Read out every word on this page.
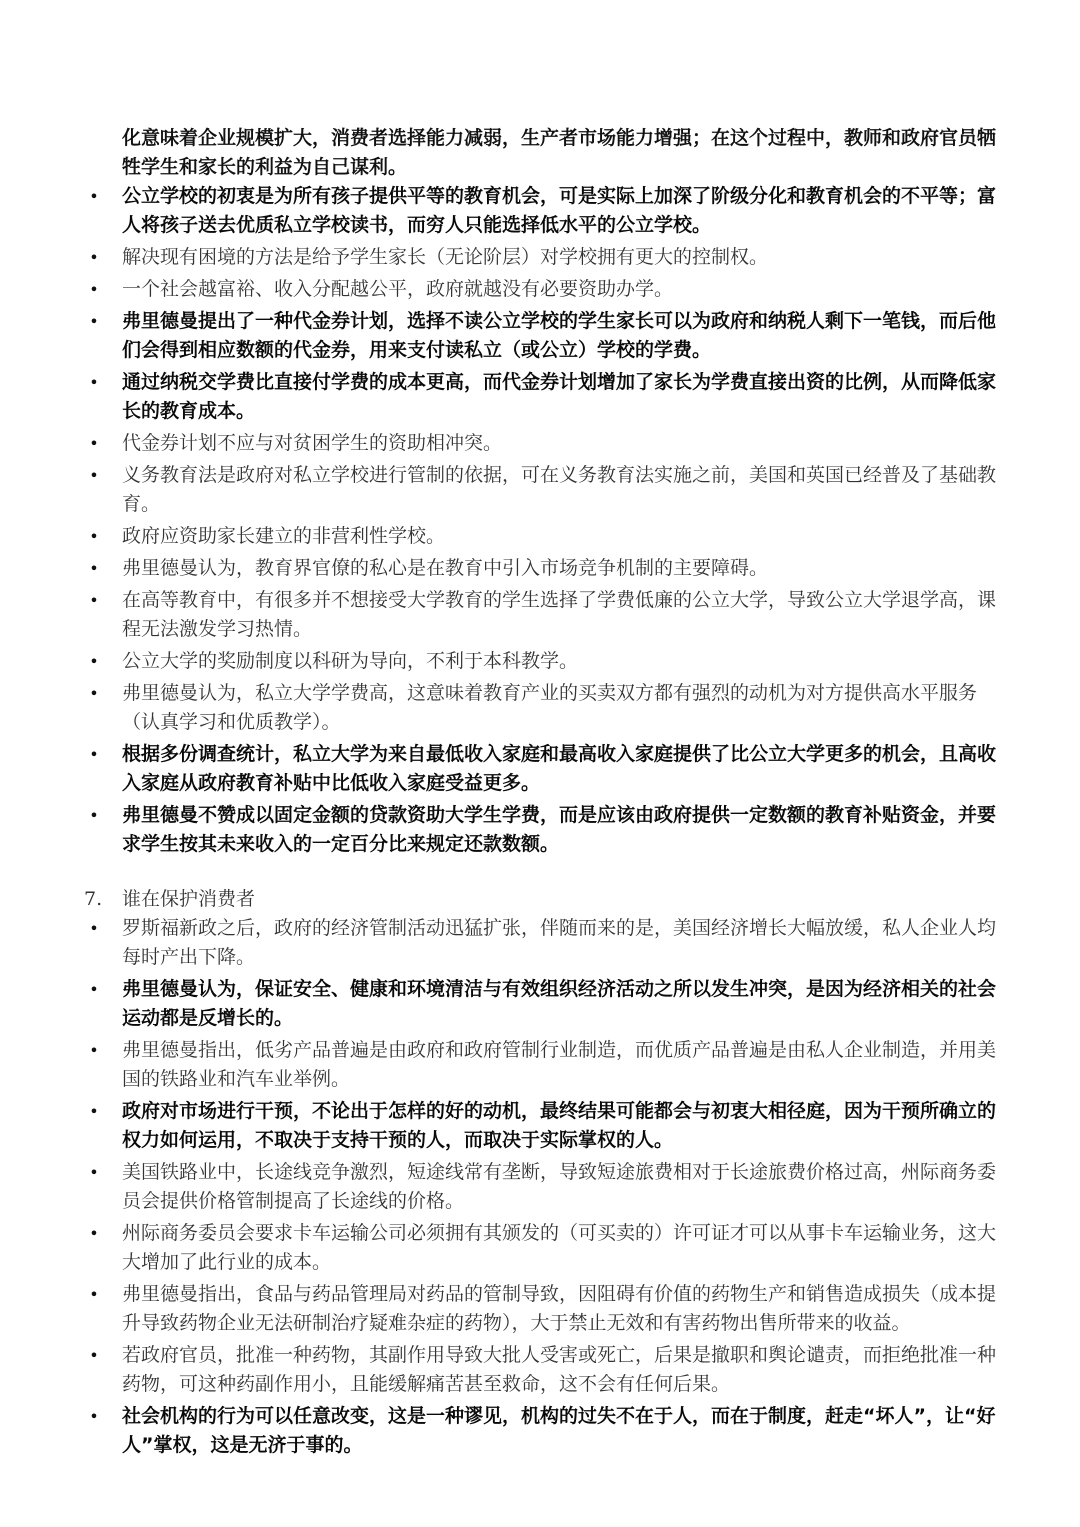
化意味着企业规模扩大，消费者选择能力减弱，生产者市场能力增强；在这个过程中，教师和政府官员牺牲学生和家长的利益为自己谋利。
• 公立学校的初衷是为所有孩子提供平等的教育机会，可是实际上加深了阶级分化和教育机会的不平等；富人将孩子送去优质私立学校读书，而穷人只能选择低水平的公立学校。
• 解决现有困境的方法是给予学生家长（无论阶层）对学校拥有更大的控制权。
• 一个社会越富裕、收入分配越公平，政府就越没有必要资助办学。
• 弗里德曼提出了一种代金券计划，选择不读公立学校的学生家长可以为政府和纳税人剩下一笔钱，而后他们会得到相应数额的代金券，用来支付读私立（或公立）学校的学费。
• 通过纳税交学费比直接付学费的成本更高，而代金券计划增加了家长为学费直接出资的比例，从而降低家长的教育成本。
• 代金券计划不应与对贫困学生的资助相冲突。
• 义务教育法是政府对私立学校进行管制的依据，可在义务教育法实施之前，美国和英国已经普及了基础教育。
• 政府应资助家长建立的非营利性学校。
• 弗里德曼认为，教育界官僚的私心是在教育中引入市场竞争机制的主要障碍。
• 在高等教育中，有很多并不想接受大学教育的学生选择了学费低廉的公立大学，导致公立大学退学高，课程无法激发学习热情。
• 公立大学的奖励制度以科研为导向，不利于本科教学。
• 弗里德曼认为，私立大学学费高，这意味着教育产业的买卖双方都有强烈的动机为对方提供高水平服务（认真学习和优质教学）。
• 根据多份调查统计，私立大学为来自最低收入家庭和最高收入家庭提供了比公立大学更多的机会，且高收入家庭从政府教育补贴中比低收入家庭受益更多。
• 弗里德曼不赞成以固定金额的贷款资助大学生学费，而是应该由政府提供一定数额的教育补贴资金，并要求学生按其未来收入的一定百分比来规定还款数额。
7. 谁在保护消费者
• 罗斯福新政之后，政府的经济管制活动迅猛扩张，伴随而来的是，美国经济增长大幅放缓，私人企业人均每时产出下降。
• 弗里德曼认为，保证安全、健康和环境清洁与有效组织经济活动之所以发生冲突，是因为经济相关的社会运动都是反增长的。
• 弗里德曼指出，低劣产品普遍是由政府和政府管制行业制造，而优质产品普遍是由私人企业制造，并用美国的铁路业和汽车业举例。
• 政府对市场进行干预，不论出于怎样的好的动机，最终结果可能都会与初衷大相径庭，因为干预所确立的权力如何运用，不取决于支持干预的人，而取决于实际掌权的人。
• 美国铁路业中，长途线竞争激烈，短途线常有垄断，导致短途旅费相对于长途旅费价格过高，州际商务委员会提供价格管制提高了长途线的价格。
• 州际商务委员会要求卡车运输公司必须拥有其颁发的（可买卖的）许可证才可以从事卡车运输业务，这大大增加了此行业的成本。
• 弗里德曼指出，食品与药品管理局对药品的管制导致，因阻碍有价值的药物生产和销售造成损失（成本提升导致药物企业无法研制治疗疑难杂症的药物），大于禁止无效和有害药物出售所带来的收益。
• 若政府官员，批准一种药物，其副作用导致大批人受害或死亡，后果是撤职和舆论谴责，而拒绝批准一种药物，可这种药副作用小，且能缓解痛苦甚至救命，这不会有任何后果。
• 社会机构的行为可以任意改变，这是一种谬见，机构的过失不在于人，而在于制度，赶走“坏人”，让“好人”掌权，这是无济于事的。
